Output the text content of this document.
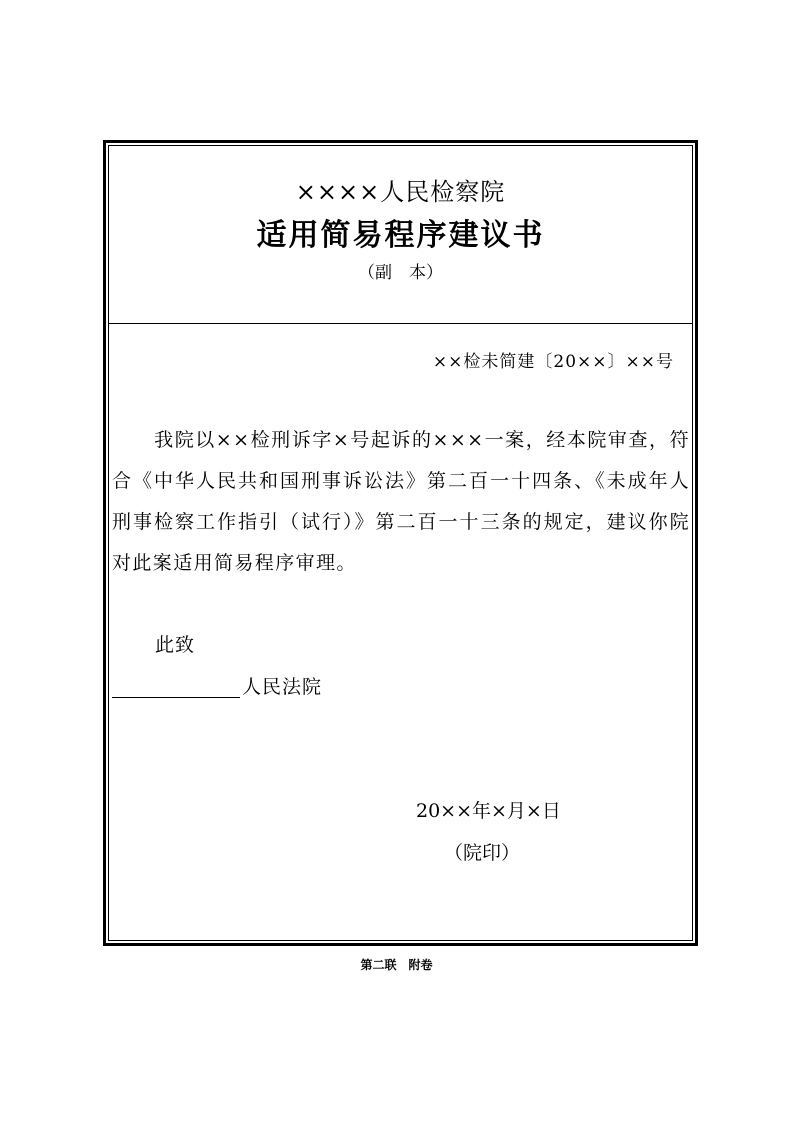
××××人民检察院
适用简易程序建议书
（副　本）
××检未简建〔20××〕××号
我院以××检刑诉字×号起诉的×××一案，经本院审查，符合《中华人民共和国刑事诉讼法》第二百一十四条、《未成年人刑事检察工作指引（试行）》第二百一十三条的规定，建议你院对此案适用简易程序审理。
此致
人民法院
20××年×月×日
（院印）
第二联　附卷
